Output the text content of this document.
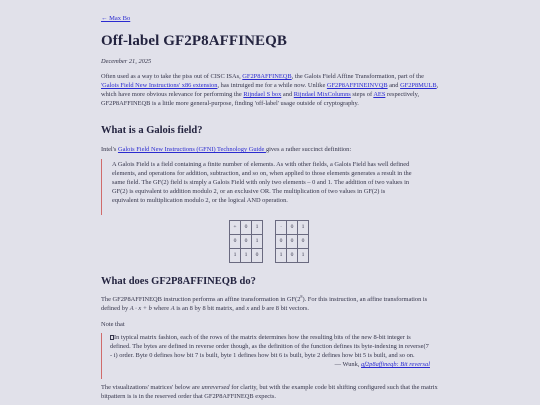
← Max Bo
Off-label GF2P8AFFINEQB
December 21, 2025

Often used as a way to take the piss out of CISC ISAs, GF2P8AFFINEQB, the Galois Field Affine Transformation, part of the 'Galois Field New Instructions' x86 extension, has intruiged me for a while now. Unlike GF2P8AFFINEINVQB and GF2P8MULB, which have more obvious relevance for performing the Rijndael S box and Rijndael MixColumns steps of AES respectively, GF2P8AFFINEQB is a little more general-purpose, finding 'off-label' usage outside of cryptography.

What is a Galois field?

Intel's Galois Field New Instructions (GFNI) Technology Guide gives a rather succinct definition:

A Galois Field is a field containing a finite number of elements. As with other fields, a Galois Field has well defined elements, and operations for addition, subtraction, and so on, when applied to those elements generates a result in the same field. The GF(2) field is simply a Galois Field with only two elements – 0 and 1. The addition of two values in GF(2) is equivalent to addition modulo 2, or an exclusive OR. The multiplication of two values in GF(2) is equivalent to multiplication modulo 2, or the logical AND operation.

+	0	1
0	0	1
1	1	0
·	0	1
0	0	0
1	0	1
What does GF2P8AFFINEQB do?

The GF2P8AFFINEQB instruction performs an affine transformation in $GF(2^8)$. For this instruction, an affine transformation is defined by A · x + b where A is an 8 by 8 bit matrix, and x and b are 8 bit vectors.

Note that

In typical matrix fashion, each of the rows of the matrix determines how the resulting bits of the new 8-bit integer is defined. The bytes are defined in reverse order though, as the definition of the function defines its byte-indexing in reverse(7 - i) order. Byte 0 defines how bit 7 is built, byte 1 defines how bit 6 is built, byte 2 defines how bit 5 is built, and so on.

— Wunk, gf2p8affineqb: Bit reversal

The visualizations' matrices' below are unreversed for clarity, but with the example code bit shifting configured such that the matrix bitpattern is is in the reserved order that GF2P8AFFINEQB expects.
